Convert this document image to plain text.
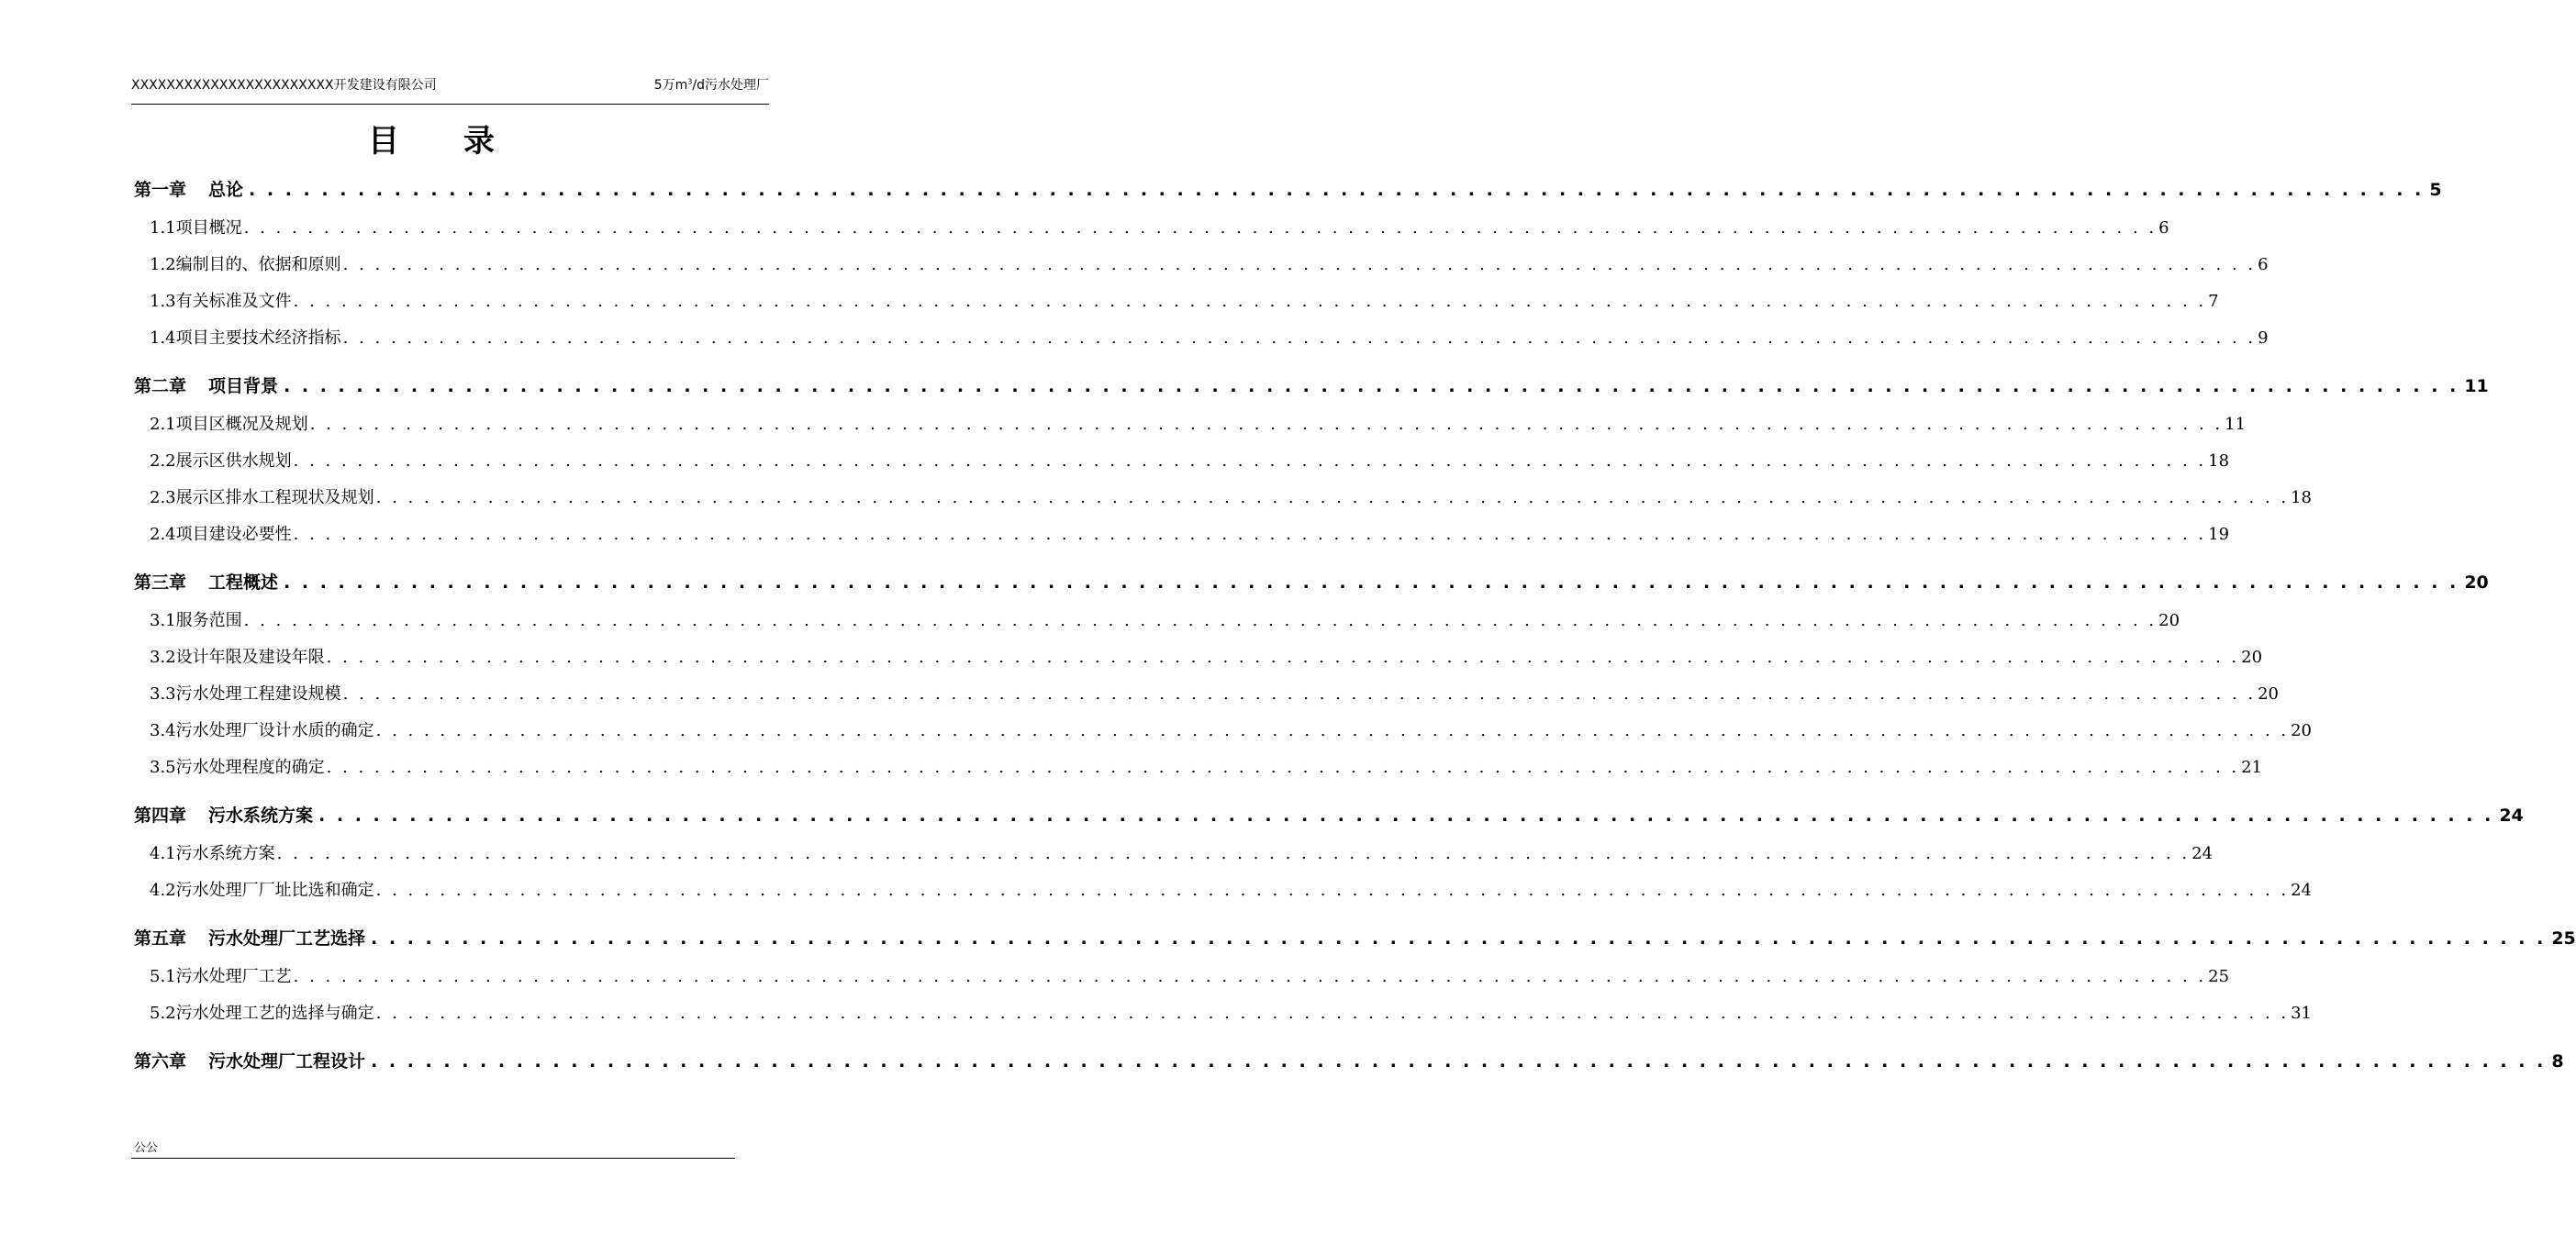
XXXXXXXXXXXXXXXXXXXXXXX开发建设有限公司	5万$m^3/d$污水处理厂
目录
第一章 总论 . . . . . . . . . . . . . . . . . . . . . . . . . . . . . . . . . . . . . . . . . . . . . . . . . . . . . . . . . . . . . . . . . . . . . . . . . . . . . . . . . . . . . . . . . . . . . . . . . . . . . . . . . . . . . . . . . . . . . . . . 5
1.1项目概况 . . . . . . . . . . . . . . . . . . . . . . . . . . . . . . . . . . . . . . . . . . . . . . . . . . . . . . . . . . . . . . . . . . . . . . . . . . . . . . . . . . . . . . . . . . . . . . . . . . . . . . . . . . . . . . . . . . . . . . . . 6
1.2编制目的、依据和原则 . . . . . . . . . . . . . . . . . . . . . . . . . . . . . . . . . . . . . . . . . . . . . . . . . . . . . . . . . . . . . . . . . . . . . . . . . . . . . . . . . . . . . . . . . . . . . . . . . . . . . . . . . . . . . . . . . . . . . . . . 6
1.3有关标准及文件 . . . . . . . . . . . . . . . . . . . . . . . . . . . . . . . . . . . . . . . . . . . . . . . . . . . . . . . . . . . . . . . . . . . . . . . . . . . . . . . . . . . . . . . . . . . . . . . . . . . . . . . . . . . . . . . . . . . . . . . . 7
1.4项目主要技术经济指标 . . . . . . . . . . . . . . . . . . . . . . . . . . . . . . . . . . . . . . . . . . . . . . . . . . . . . . . . . . . . . . . . . . . . . . . . . . . . . . . . . . . . . . . . . . . . . . . . . . . . . . . . . . . . . . . . . . . . . . . . 9
第二章 项目背景 . . . . . . . . . . . . . . . . . . . . . . . . . . . . . . . . . . . . . . . . . . . . . . . . . . . . . . . . . . . . . . . . . . . . . . . . . . . . . . . . . . . . . . . . . . . . . . . . . . . . . . . . . . . . . . . . . . . . . . . . 11
2.1项目区概况及规划 . . . . . . . . . . . . . . . . . . . . . . . . . . . . . . . . . . . . . . . . . . . . . . . . . . . . . . . . . . . . . . . . . . . . . . . . . . . . . . . . . . . . . . . . . . . . . . . . . . . . . . . . . . . . . . . . . . . . . . . . 11
2.2展示区供水规划 . . . . . . . . . . . . . . . . . . . . . . . . . . . . . . . . . . . . . . . . . . . . . . . . . . . . . . . . . . . . . . . . . . . . . . . . . . . . . . . . . . . . . . . . . . . . . . . . . . . . . . . . . . . . . . . . . . . . . . . . 18
2.3展示区排水工程现状及规划 . . . . . . . . . . . . . . . . . . . . . . . . . . . . . . . . . . . . . . . . . . . . . . . . . . . . . . . . . . . . . . . . . . . . . . . . . . . . . . . . . . . . . . . . . . . . . . . . . . . . . . . . . . . . . . . . . . . . . . . . 18
2.4项目建设必要性 . . . . . . . . . . . . . . . . . . . . . . . . . . . . . . . . . . . . . . . . . . . . . . . . . . . . . . . . . . . . . . . . . . . . . . . . . . . . . . . . . . . . . . . . . . . . . . . . . . . . . . . . . . . . . . . . . . . . . . . . 19
第三章 工程概述 . . . . . . . . . . . . . . . . . . . . . . . . . . . . . . . . . . . . . . . . . . . . . . . . . . . . . . . . . . . . . . . . . . . . . . . . . . . . . . . . . . . . . . . . . . . . . . . . . . . . . . . . . . . . . . . . . . . . . . . . 20
3.1服务范围 . . . . . . . . . . . . . . . . . . . . . . . . . . . . . . . . . . . . . . . . . . . . . . . . . . . . . . . . . . . . . . . . . . . . . . . . . . . . . . . . . . . . . . . . . . . . . . . . . . . . . . . . . . . . . . . . . . . . . . . . 20
3.2设计年限及建设年限 . . . . . . . . . . . . . . . . . . . . . . . . . . . . . . . . . . . . . . . . . . . . . . . . . . . . . . . . . . . . . . . . . . . . . . . . . . . . . . . . . . . . . . . . . . . . . . . . . . . . . . . . . . . . . . . . . . . . . . . . 20
3.3污水处理工程建设规模 . . . . . . . . . . . . . . . . . . . . . . . . . . . . . . . . . . . . . . . . . . . . . . . . . . . . . . . . . . . . . . . . . . . . . . . . . . . . . . . . . . . . . . . . . . . . . . . . . . . . . . . . . . . . . . . . . . . . . . . . 20
3.4污水处理厂设计水质的确定 . . . . . . . . . . . . . . . . . . . . . . . . . . . . . . . . . . . . . . . . . . . . . . . . . . . . . . . . . . . . . . . . . . . . . . . . . . . . . . . . . . . . . . . . . . . . . . . . . . . . . . . . . . . . . . . . . . . . . . . . 20
3.5污水处理程度的确定 . . . . . . . . . . . . . . . . . . . . . . . . . . . . . . . . . . . . . . . . . . . . . . . . . . . . . . . . . . . . . . . . . . . . . . . . . . . . . . . . . . . . . . . . . . . . . . . . . . . . . . . . . . . . . . . . . . . . . . . . 21
第四章 污水系统方案 . . . . . . . . . . . . . . . . . . . . . . . . . . . . . . . . . . . . . . . . . . . . . . . . . . . . . . . . . . . . . . . . . . . . . . . . . . . . . . . . . . . . . . . . . . . . . . . . . . . . . . . . . . . . . . . . . . . . . . . . 24
4.1污水系统方案 . . . . . . . . . . . . . . . . . . . . . . . . . . . . . . . . . . . . . . . . . . . . . . . . . . . . . . . . . . . . . . . . . . . . . . . . . . . . . . . . . . . . . . . . . . . . . . . . . . . . . . . . . . . . . . . . . . . . . . . . 24
4.2污水处理厂厂址比选和确定 . . . . . . . . . . . . . . . . . . . . . . . . . . . . . . . . . . . . . . . . . . . . . . . . . . . . . . . . . . . . . . . . . . . . . . . . . . . . . . . . . . . . . . . . . . . . . . . . . . . . . . . . . . . . . . . . . . . . . . . . 24
第五章 污水处理厂工艺选择 . . . . . . . . . . . . . . . . . . . . . . . . . . . . . . . . . . . . . . . . . . . . . . . . . . . . . . . . . . . . . . . . . . . . . . . . . . . . . . . . . . . . . . . . . . . . . . . . . . . . . . . . . . . . . . . . . . . . . . . . 25
5.1污水处理厂工艺 . . . . . . . . . . . . . . . . . . . . . . . . . . . . . . . . . . . . . . . . . . . . . . . . . . . . . . . . . . . . . . . . . . . . . . . . . . . . . . . . . . . . . . . . . . . . . . . . . . . . . . . . . . . . . . . . . . . . . . . . 25
5.2污水处理工艺的选择与确定 . . . . . . . . . . . . . . . . . . . . . . . . . . . . . . . . . . . . . . . . . . . . . . . . . . . . . . . . . . . . . . . . . . . . . . . . . . . . . . . . . . . . . . . . . . . . . . . . . . . . . . . . . . . . . . . . . . . . . . . . 31
第六章 污水处理厂工程设计 . . . . . . . . . . . . . . . . . . . . . . . . . . . . . . . . . . . . . . . . . . . . . . . . . . . . . . . . . . . . . . . . . . . . . . . . . . . . . . . . . . . . . . . . . . . . . . . . . . . . . . . . . . . . . . . . . . . . . . . . 8
公公
